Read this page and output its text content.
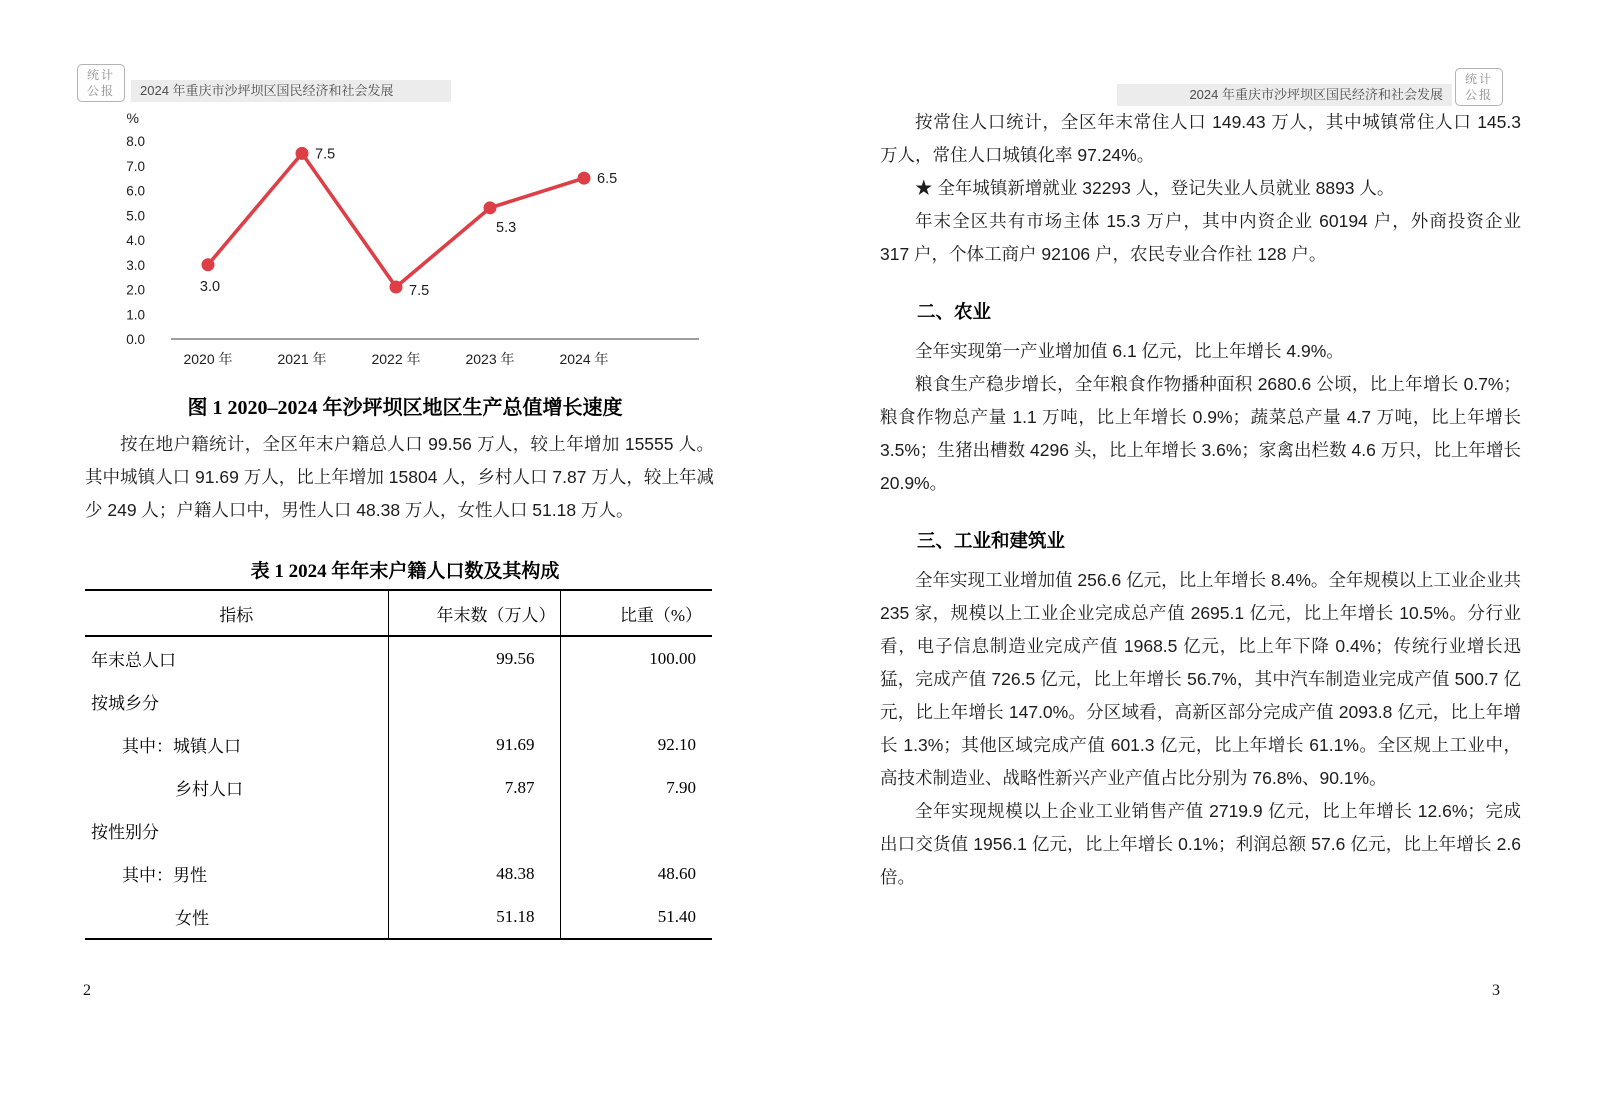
统计
公报	2024 年重庆市沙坪坝区国民经济和社会发展
%
8.0
7.0
6.0
5.0
4.0
3.0
2.0
1.0
0.0
2020 年	2021 年	2022 年	2023 年	2024 年
3.0
7.5
7.5
5.3
6.5
图 1 2020–2024 年沙坪坝区地区生产总值增长速度

按在地户籍统计，全区年末户籍总人口 99.56 万人，较上年增加 15555 人。其中城镇人口 91.69 万人，比上年增加 15804 人，乡村人口 7.87 万人，较上年减少 249 人；户籍人口中，男性人口 48.38 万人，女性人口 51.18 万人。

表 1 2024 年年末户籍人口数及其构成
指标	年末数（万人）	比重（%）
年末总人口	99.56	100.00
按城乡分		
其中：城镇人口	91.69	92.10
乡村人口	7.87	7.90
按性别分		
其中：男性	48.38	48.60
女性	51.18	51.40
2024 年重庆市沙坪坝区国民经济和社会发展
统计
公报

按常住人口统计，全区年末常住人口 149.43 万人，其中城镇常住人口 145.3 万人，常住人口城镇化率 97.24%。

★ 全年城镇新增就业 32293 人，登记失业人员就业 8893 人。

年末全区共有市场主体 15.3 万户，其中内资企业 60194 户，外商投资企业 317 户，个体工商户 92106 户，农民专业合作社 128 户。

二、农业

全年实现第一产业增加值 6.1 亿元，比上年增长 4.9%。

粮食生产稳步增长，全年粮食作物播种面积 2680.6 公顷，比上年增长 0.7%；粮食作物总产量 1.1 万吨，比上年增长 0.9%；蔬菜总产量 4.7 万吨，比上年增长 3.5%；生猪出槽数 4296 头，比上年增长 3.6%；家禽出栏数 4.6 万只，比上年增长 20.9%。

三、工业和建筑业

全年实现工业增加值 256.6 亿元，比上年增长 8.4%。全年规模以上工业企业共 235 家，规模以上工业企业完成总产值 2695.1 亿元，比上年增长 10.5%。分行业看，电子信息制造业完成产值 1968.5 亿元，比上年下降 0.4%；传统行业增长迅猛，完成产值 726.5 亿元，比上年增长 56.7%，其中汽车制造业完成产值 500.7 亿元，比上年增长 147.0%。分区域看，高新区部分完成产值 2093.8 亿元，比上年增长 1.3%；其他区域完成产值 601.3 亿元，比上年增长 61.1%。全区规上工业中，高技术制造业、战略性新兴产业产值占比分别为 76.8%、90.1%。

全年实现规模以上企业工业销售产值 2719.9 亿元，比上年增长 12.6%；完成出口交货值 1956.1 亿元，比上年增长 0.1%；利润总额 57.6 亿元，比上年增长 2.6 倍。

2	3
